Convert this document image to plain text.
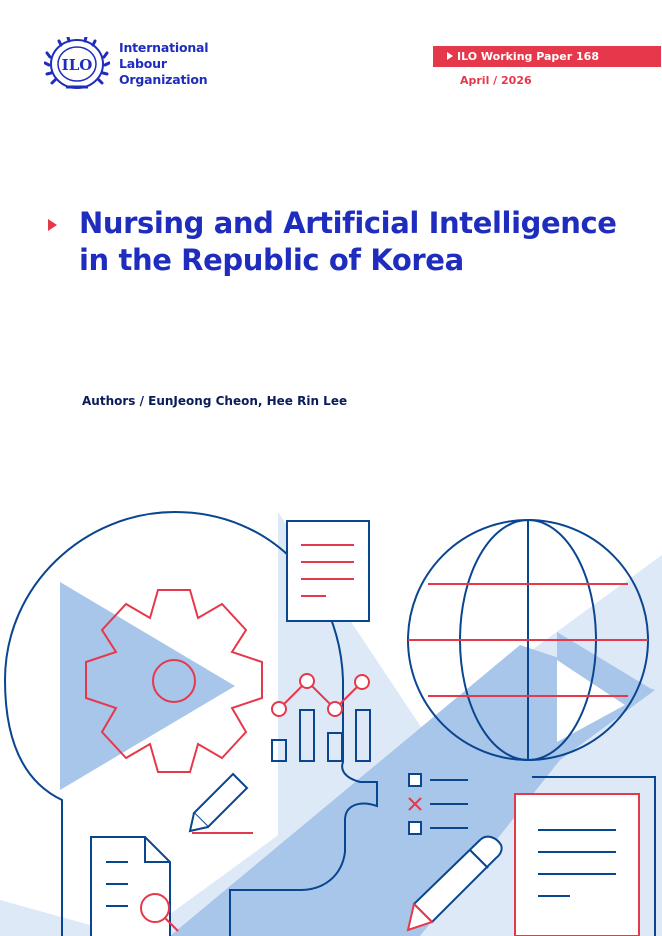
ILO
International
Labour
Organization
ILO Working Paper 168
April / 2026
Nursing and Artificial Intelligence in the Republic of Korea
Authors / EunJeong Cheon, Hee Rin Lee
